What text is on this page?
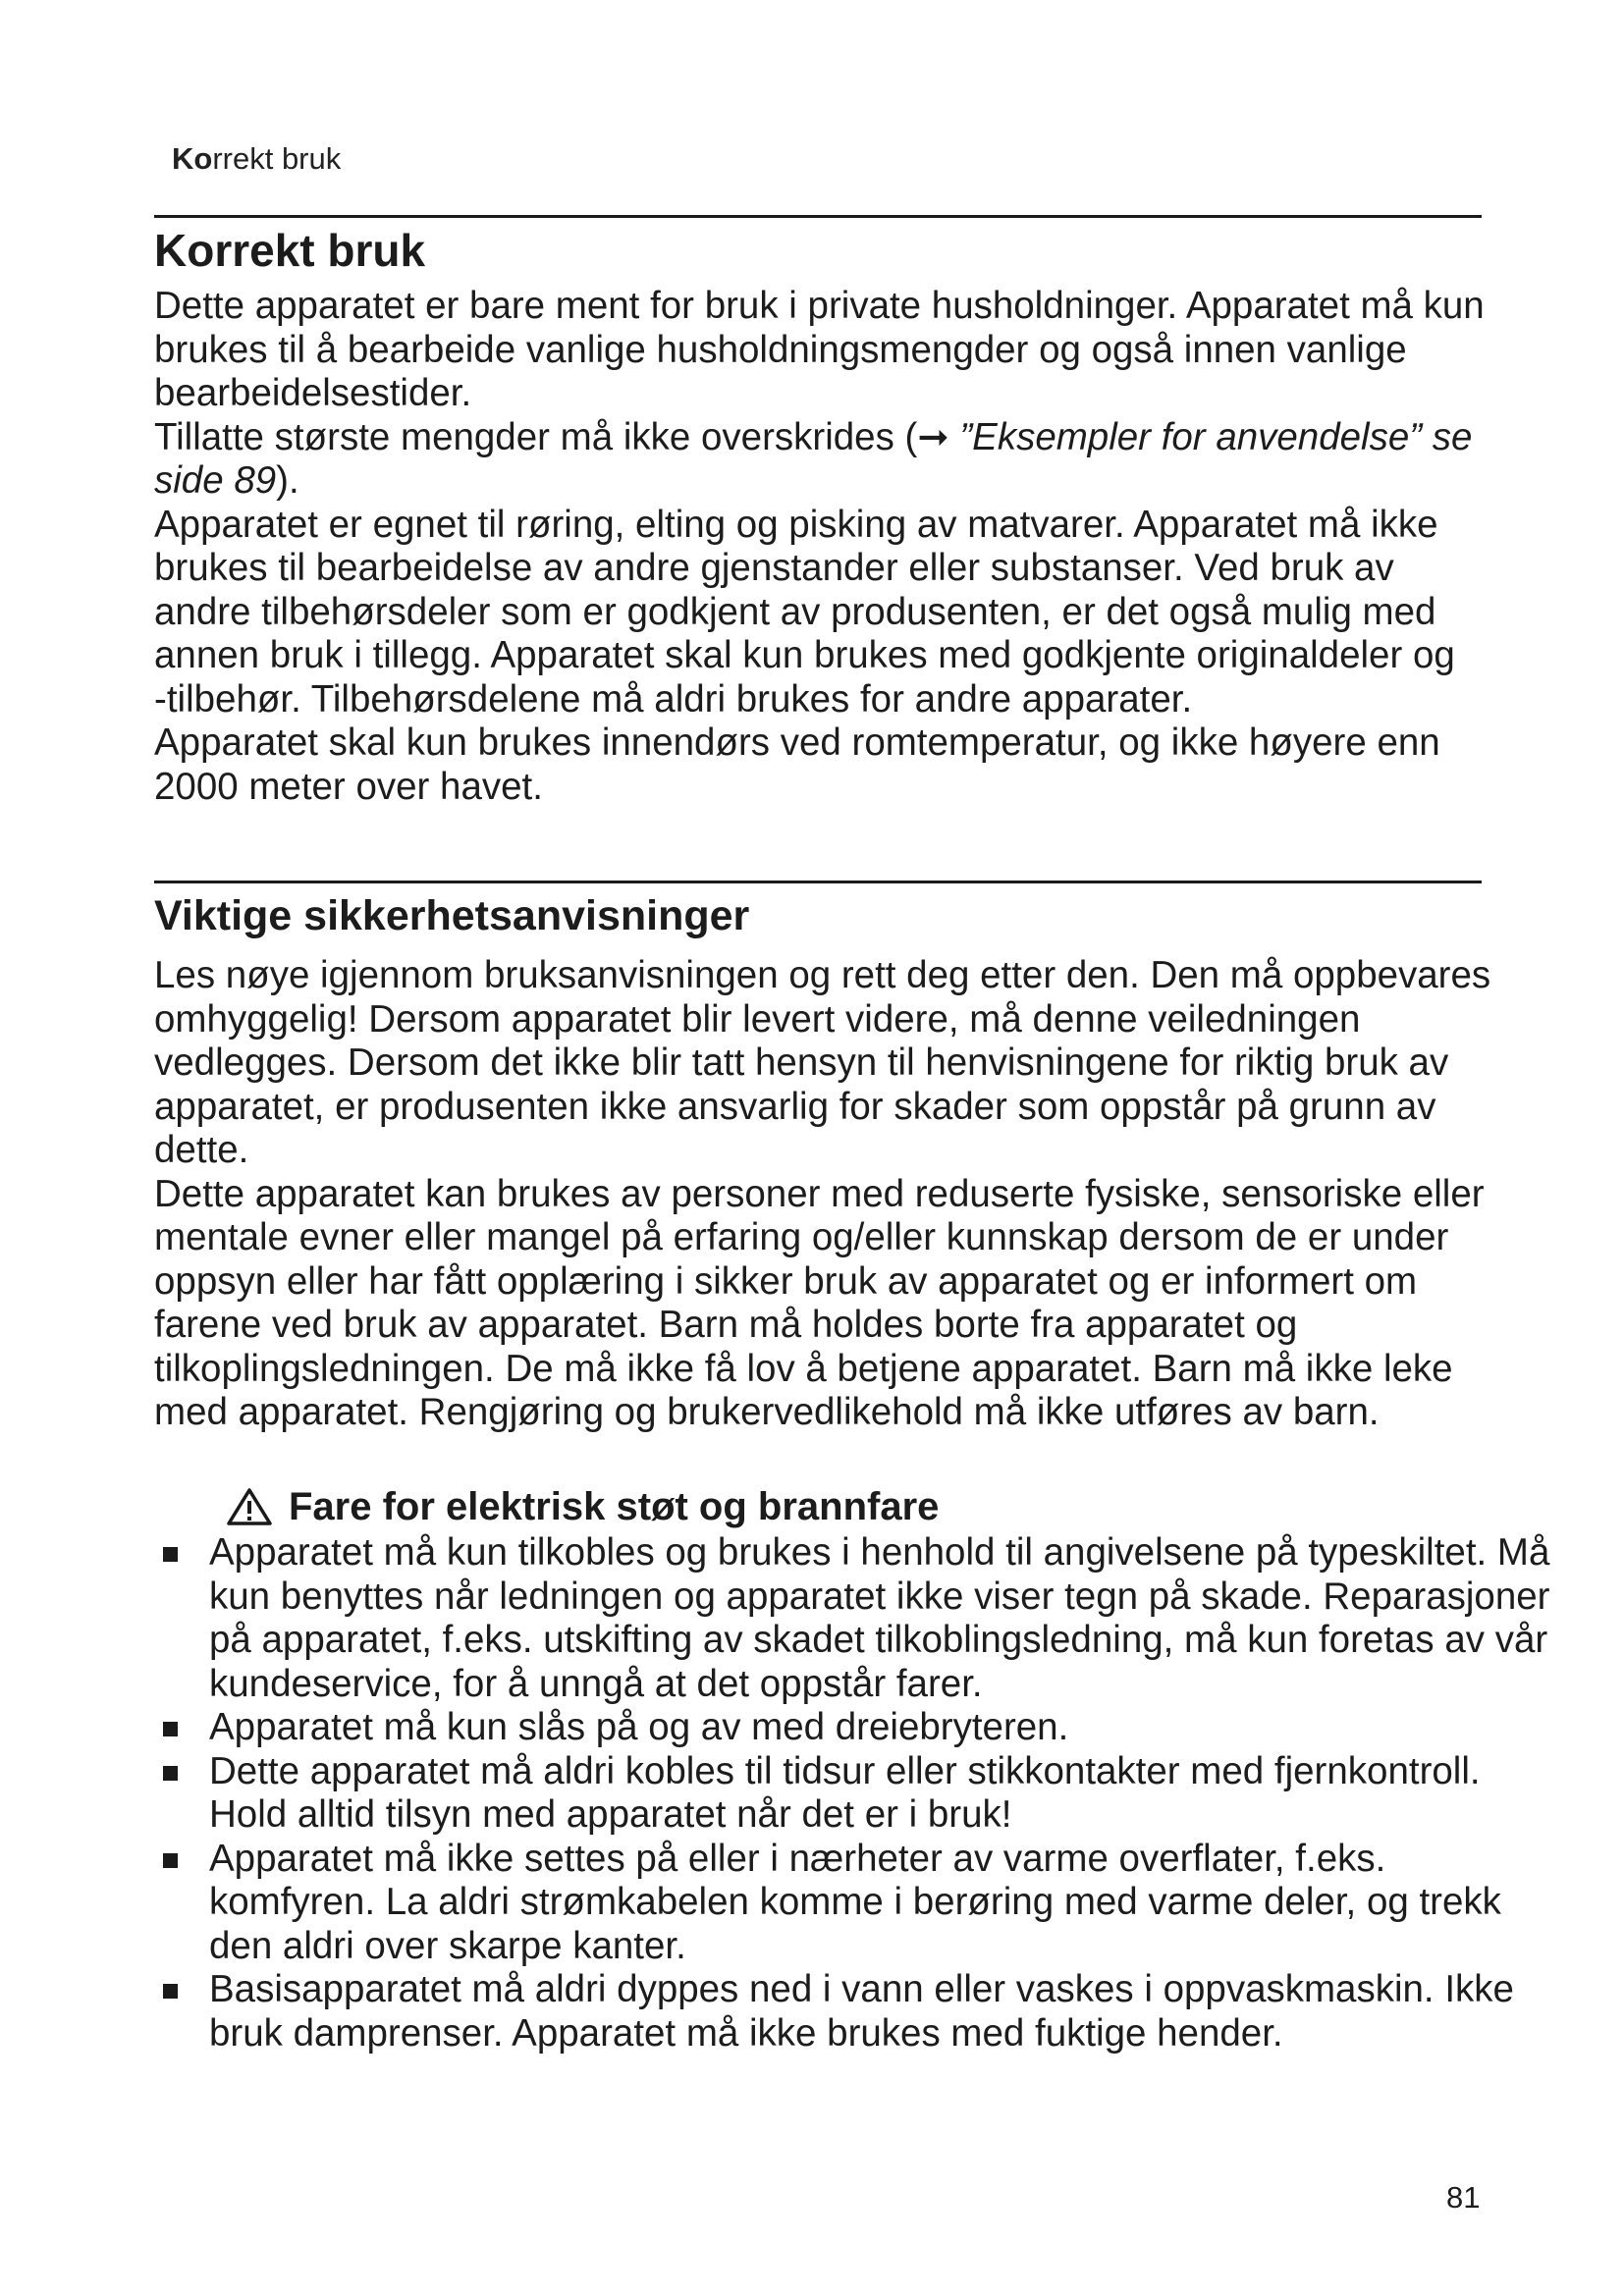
Korrekt bruk
Korrekt bruk

Dette apparatet er bare ment for bruk i private husholdninger. Apparatet må kun brukes til å bearbeide vanlige husholdningsmengder og også innen vanlige bearbeidelsestider.

Tillatte største mengder må ikke overskrides (➞ ”Eksempler for anvendelse” se side 89).

Apparatet er egnet til røring, elting og pisking av matvarer. Apparatet må ikke brukes til bearbeidelse av andre gjenstander eller substanser. Ved bruk av andre tilbehørsdeler som er godkjent av produsenten, er det også mulig med annen bruk i tillegg. Apparatet skal kun brukes med godkjente originaldeler og ‑tilbehør. Tilbehørsdelene må aldri brukes for andre apparater.

Apparatet skal kun brukes innendørs ved romtemperatur, og ikke høyere enn 2000 meter over havet.

Viktige sikkerhetsanvisninger

Les nøye igjennom bruksanvisningen og rett deg etter den. Den må oppbevares omhyggelig! Dersom apparatet blir levert videre, må denne veiledningen vedlegges. Dersom det ikke blir tatt hensyn til henvisningene for riktig bruk av apparatet, er produsenten ikke ansvarlig for skader som oppstår på grunn av dette.

Dette apparatet kan brukes av personer med reduserte fysiske, sensoriske eller mentale evner eller mangel på erfaring og/eller kunnskap dersom de er under oppsyn eller har fått opplæring i sikker bruk av apparatet og er informert om farene ved bruk av apparatet. Barn må holdes borte fra apparatet og tilkoplingsledningen. De må ikke få lov å betjene apparatet. Barn må ikke leke med apparatet. Rengjøring og brukervedlikehold må ikke utføres av barn.

Fare for elektrisk støt og brannfare
Apparatet må kun tilkobles og brukes i henhold til angivelsene på typeskiltet. Må kun benyttes når ledningen og apparatet ikke viser tegn på skade. Reparasjoner på apparatet, f.eks. utskifting av skadet tilkoblingsledning, må kun foretas av vår kundeservice, for å unngå at det oppstår farer.
Apparatet må kun slås på og av med dreiebryteren.
Dette apparatet må aldri kobles til tidsur eller stikkontakter med fjernkontroll. Hold alltid tilsyn med apparatet når det er i bruk!
Apparatet må ikke settes på eller i nærheter av varme overflater, f.eks. komfyren. La aldri strømkabelen komme i berøring med varme deler, og trekk den aldri over skarpe kanter.
Basisapparatet må aldri dyppes ned i vann eller vaskes i oppvaskmaskin. Ikke bruk damprenser. Apparatet må ikke brukes med fuktige hender.
81
